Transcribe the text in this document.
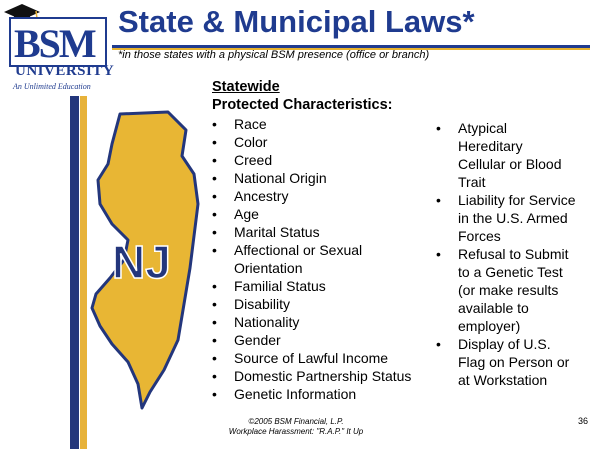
BSM
UNIVERSITY
An Unlimited Education
State & Municipal Laws*
*in those states with a physical BSM presence (office or branch)
NJ
Statewide
Protected Characteristics:
• Race
• Color
• Creed
• National Origin
• Ancestry
• Age
• Marital Status
• Affectional or Sexual Orientation
• Familial Status
• Disability
• Nationality
• Gender
• Source of Lawful Income
• Domestic Partnership Status
• Genetic Information
• Atypical Hereditary Cellular or Blood Trait
• Liability for Service in the U.S. Armed Forces
• Refusal to Submit to a Genetic Test (or make results available to employer)
• Display of U.S. Flag on Person or at Workstation
©2005 BSM Financial, L.P.
Workplace Harassment: "R.A.P." It Up
36
